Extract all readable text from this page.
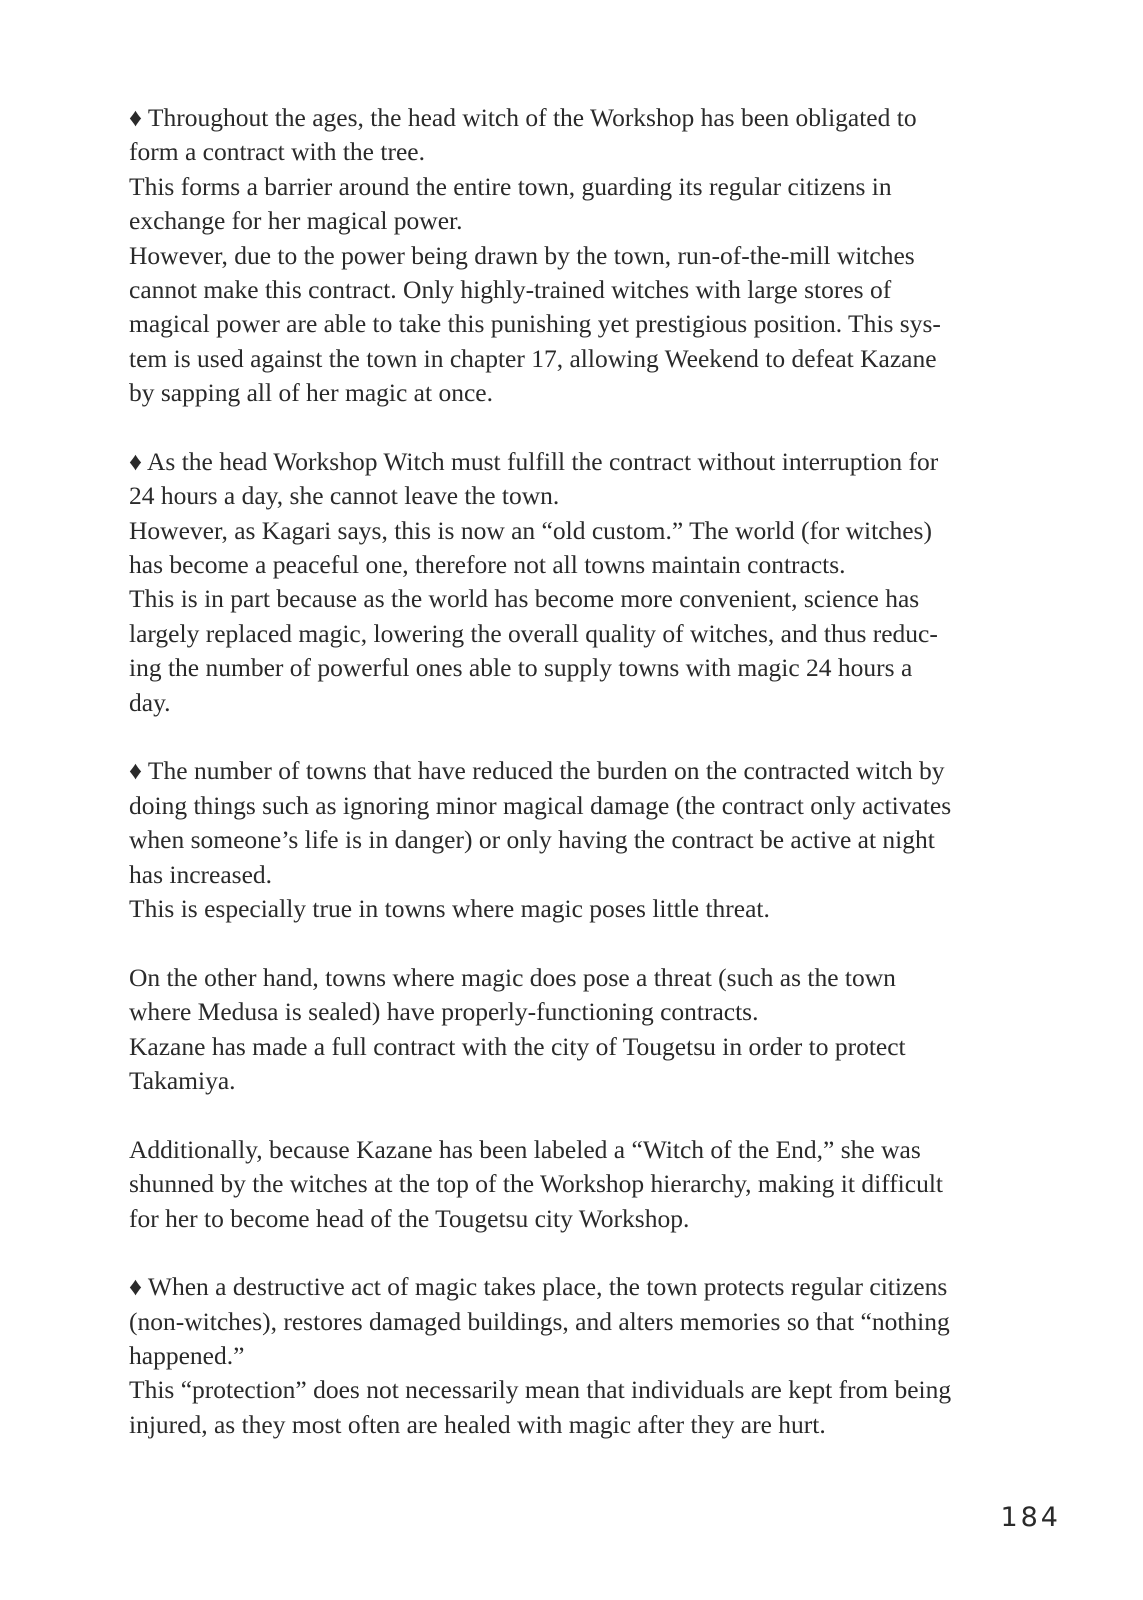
♦ Throughout the ages, the head witch of the Workshop has been obligated to
form a contract with the tree.
This forms a barrier around the entire town, guarding its regular citizens in
exchange for her magical power.
However, due to the power being drawn by the town, run-of-the-mill witches
cannot make this contract. Only highly-trained witches with large stores of
magical power are able to take this punishing yet prestigious position. This sys-
tem is used against the town in chapter 17, allowing Weekend to defeat Kazane
by sapping all of her magic at once.
♦ As the head Workshop Witch must fulfill the contract without interruption for
24 hours a day, she cannot leave the town.
However, as Kagari says, this is now an “old custom.” The world (for witches)
has become a peaceful one, therefore not all towns maintain contracts.
This is in part because as the world has become more convenient, science has
largely replaced magic, lowering the overall quality of witches, and thus reduc-
ing the number of powerful ones able to supply towns with magic 24 hours a
day.
♦ The number of towns that have reduced the burden on the contracted witch by
doing things such as ignoring minor magical damage (the contract only activates
when someone’s life is in danger) or only having the contract be active at night
has increased.
This is especially true in towns where magic poses little threat.
On the other hand, towns where magic does pose a threat (such as the town
where Medusa is sealed) have properly-functioning contracts.
Kazane has made a full contract with the city of Tougetsu in order to protect
Takamiya.
Additionally, because Kazane has been labeled a “Witch of the End,” she was
shunned by the witches at the top of the Workshop hierarchy, making it difficult
for her to become head of the Tougetsu city Workshop.
♦ When a destructive act of magic takes place, the town protects regular citizens
(non-witches), restores damaged buildings, and alters memories so that “nothing
happened.”
This “protection” does not necessarily mean that individuals are kept from being
injured, as they most often are healed with magic after they are hurt.
184
